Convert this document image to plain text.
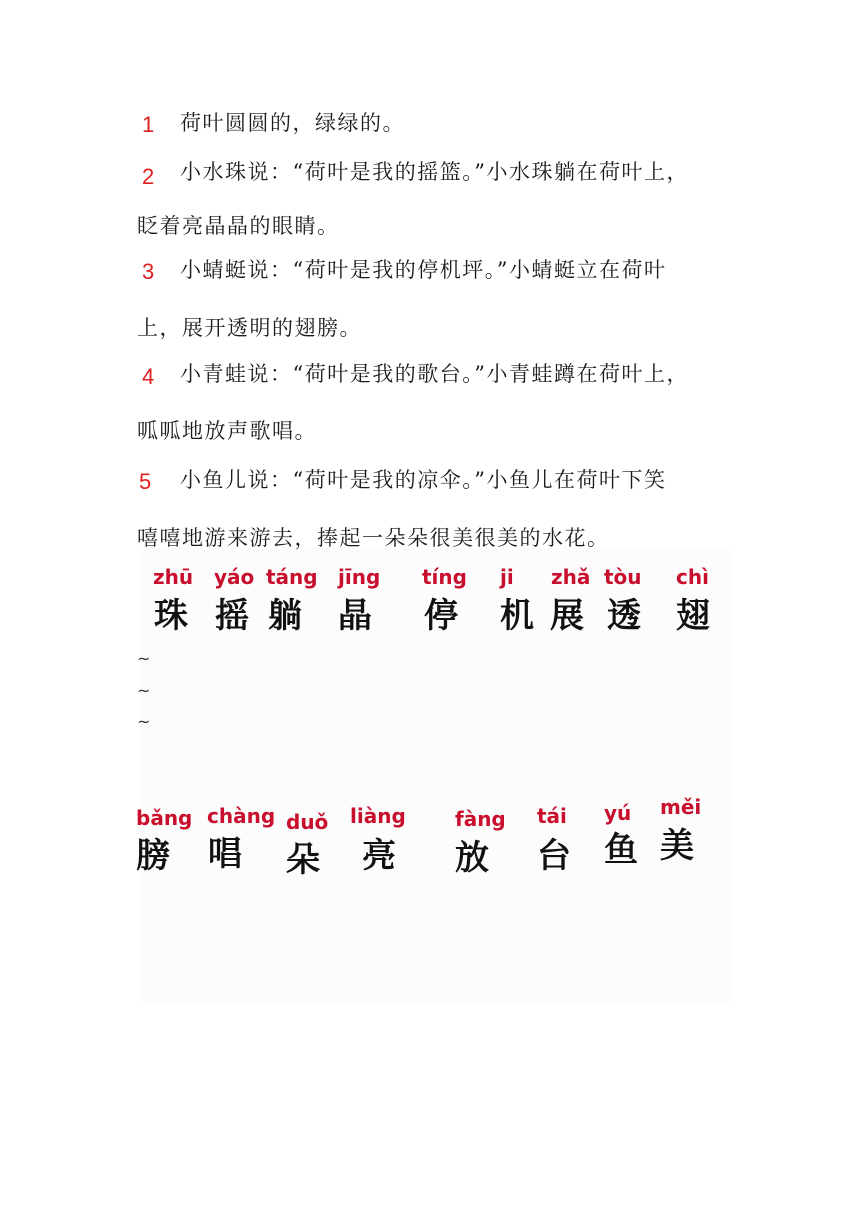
1 荷叶圆圆的，绿绿的。
2 小水珠说：“荷叶是我的摇篮。”小水珠躺在荷叶上，
眨着亮晶晶的眼睛。
3 小蜻蜓说：“荷叶是我的停机坪。”小蜻蜓立在荷叶
上，展开透明的翅膀。
4 小青蛙说：“荷叶是我的歌台。”小青蛙蹲在荷叶上，
呱呱地放声歌唱。
5 小鱼儿说：“荷叶是我的凉伞。”小鱼儿在荷叶下笑
嘻嘻地游来游去，捧起一朵朵很美很美的水花。
zhū
珠
yáo
摇
táng
躺
jīng
晶
tíng
停
ji
机
zhǎ
展
tòu
透
chì
翅
~
~
~
bǎng
膀
chàng
唱
duǒ
朵
liàng
亮
fàng
放
tái
台
yú
鱼
měi
美
